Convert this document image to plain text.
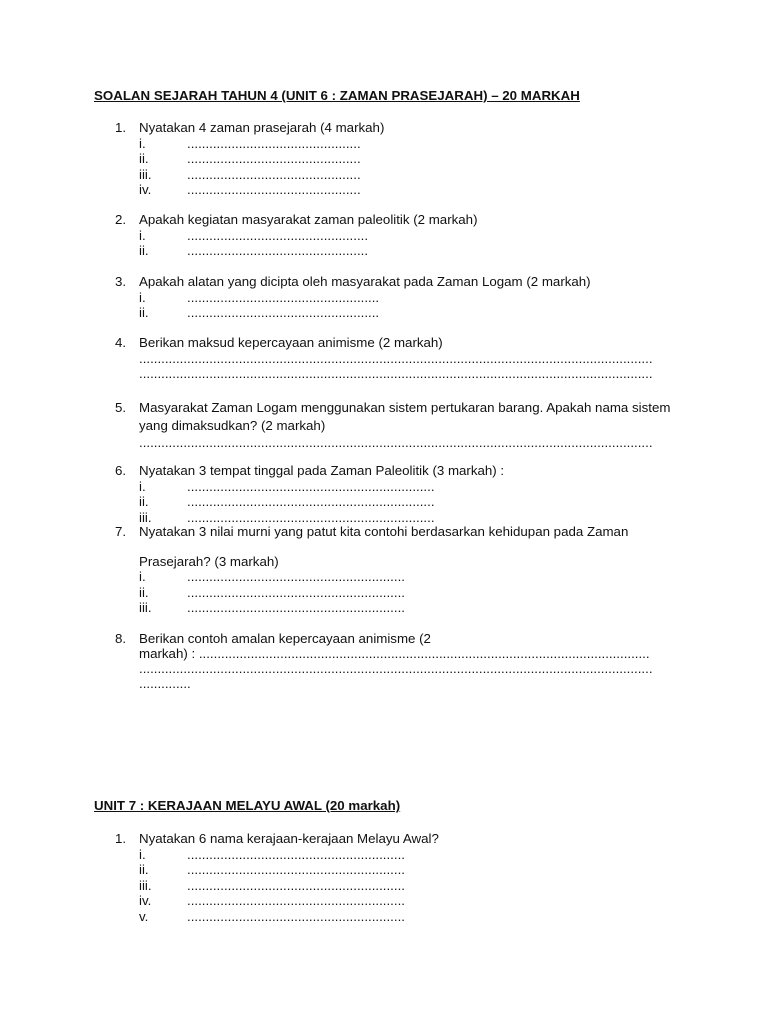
SOALAN SEJARAH TAHUN 4 (UNIT 6 : ZAMAN PRASEJARAH) – 20 MARKAH
1. Nyatakan 4 zaman prasejarah (4 markah)
i.	...............................................
ii.	...............................................
iii.	...............................................
iv.	...............................................
2. Apakah kegiatan masyarakat zaman paleolitik (2 markah)
i.	.................................................
ii.	.................................................
3. Apakah alatan yang dicipta oleh masyarakat pada Zaman Logam (2 markah)
i.	....................................................
ii.	....................................................
4. Berikan maksud kepercayaan animisme (2 markah)
...........................................................................................................................................
...........................................................................................................................................
5. Masyarakat Zaman Logam menggunakan sistem pertukaran barang. Apakah nama sistem yang dimaksudkan? (2 markah)
...........................................................................................................................................
6. Nyatakan 3 tempat tinggal pada Zaman Paleolitik (3 markah) :
i.	...................................................................
ii.	...................................................................
iii.	...................................................................
7. Nyatakan 3 nilai murni yang patut kita contohi berdasarkan kehidupan pada Zaman
Prasejarah? (3 markah)
i.	...........................................................
ii.	...........................................................
iii.	...........................................................
8. Berikan contoh amalan kepercayaan animisme (2
markah) : ..........................................................................................................................
...........................................................................................................................................
..............
UNIT 7 : KERAJAAN MELAYU AWAL (20 markah)
1. Nyatakan 6 nama kerajaan-kerajaan Melayu Awal?
i.	...........................................................
ii.	...........................................................
iii.	...........................................................
iv.	...........................................................
v.	...........................................................
